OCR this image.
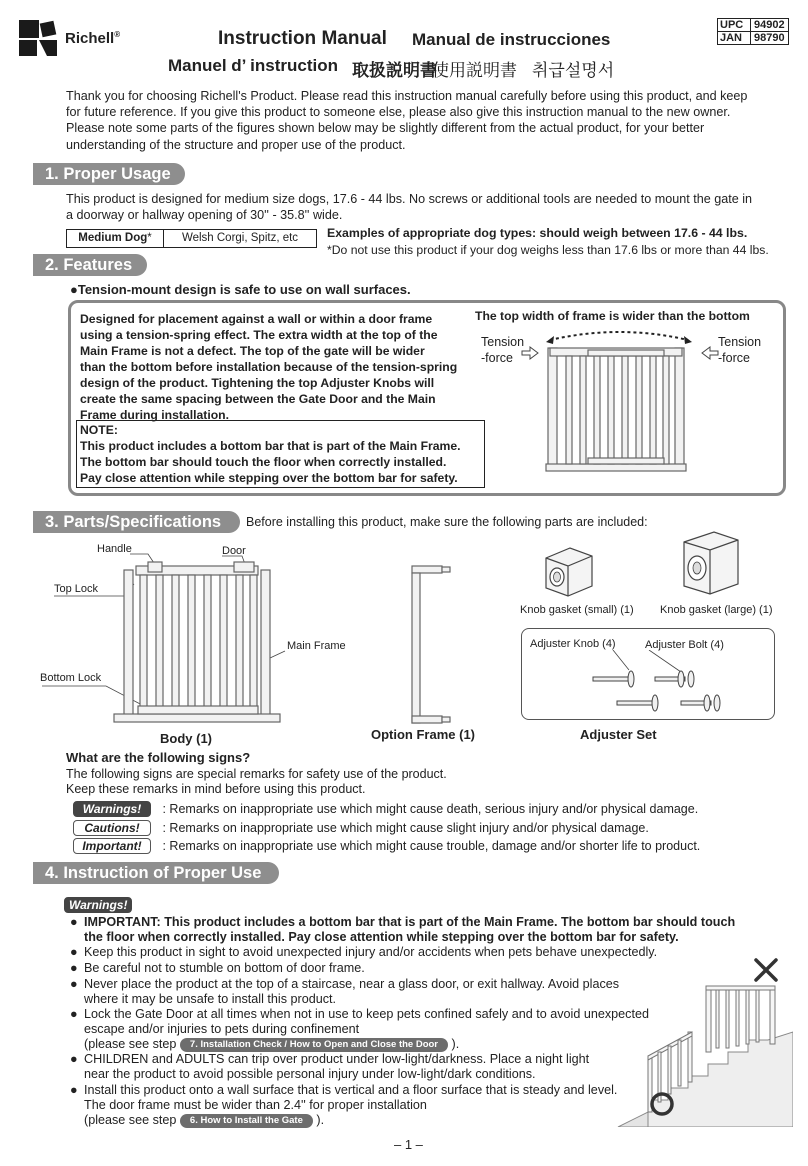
Richell®	Instruction Manual Manual de instrucciones
Manuel d’ instruction 取扱説明書
使用説明書 취급설명서
UPC 94902
JAN	98790
Thank you for choosing Richell's Product. Please read this instruction manual carefully before using this product, and keep
for future reference. If you give this product to someone else, please also give this instruction manual to the new owner.
Please note some parts of the figures shown below may be slightly different from the actual product, for your better
understanding of the structure and proper use of the product.
1. Proper Usage
This product is designed for medium size dogs, 17.6 - 44 lbs. No screws or additional tools are needed to mount the gate in
a doorway or hallway opening of 30'' - 35.8'' wide.
Medium Dog*	Welsh Corgi, Spitz, etc	Examples of appropriate dog types: should weigh between 17.6 - 44 lbs.
*Do not use this product if your dog weighs less than 17.6 lbs or more than 44 lbs.
2. Features
●Tension-mount design is safe to use on wall surfaces.
Designed for placement against a wall or within a door frame
using a tension-spring effect. The extra width at the top of the
Main Frame is not a defect. The top of the gate will be wider
than the bottom before installation because of the tension-spring
design of the product. Tightening the top Adjuster Knobs will
create the same spacing between the Gate Door and the Main
Frame during installation.
NOTE:
This product includes a bottom bar that is part of the Main Frame.
The bottom bar should touch the floor when correctly installed.
Pay close attention while stepping over the bottom bar for safety.
The top width of frame is wider than the bottom
Tension
-force
Tension
-force
3. Parts/Specifications	Before installing this product, make sure the following parts are included:
Handle	Door
Top Lock
Main Frame
Bottom Lock
Body (1)	Option Frame (1)
Knob gasket (small) (1) Knob gasket (large) (1)
Adjuster Knob (4)	Adjuster Bolt (4)
Adjuster Set
What are the following signs?
The following signs are special remarks for safety use of the product.
Keep these remarks in mind before using this product.
Warnings! : Remarks on inappropriate use which might cause death, serious injury and/or physical damage.
Cautions! : Remarks on inappropriate use which might cause slight injury and/or physical damage.
Important! : Remarks on inappropriate use which might cause trouble, damage and/or shorter life to product.
4. Instruction of Proper Use
Warnings!
● IMPORTANT: This product includes a bottom bar that is part of the Main Frame. The bottom bar should touch
the floor when correctly installed. Pay close attention while stepping over the bottom bar for safety.
● Keep this product in sight to avoid unexpected injury and/or accidents when pets behave unexpectedly.
● Be careful not to stumble on bottom of door frame.
● Never place the product at the top of a staircase, near a glass door, or exit hallway. Avoid places
where it may be unsafe to install this product.
● Lock the Gate Door at all times when not in use to keep pets confined safely and to avoid unexpected
escape and/or injuries to pets during confinement
(please see step 7. Installation Check / How to Open and Close the Door ).
● CHILDREN and ADULTS can trip over product under low-light/darkness. Place a night light
near the product to avoid possible personal injury under low-light/dark conditions.
● Install this product onto a wall surface that is vertical and a floor surface that is steady and level.
The door frame must be wider than 2.4'' for proper installation
(please see step 6. How to Install the Gate ).
– 1 –
